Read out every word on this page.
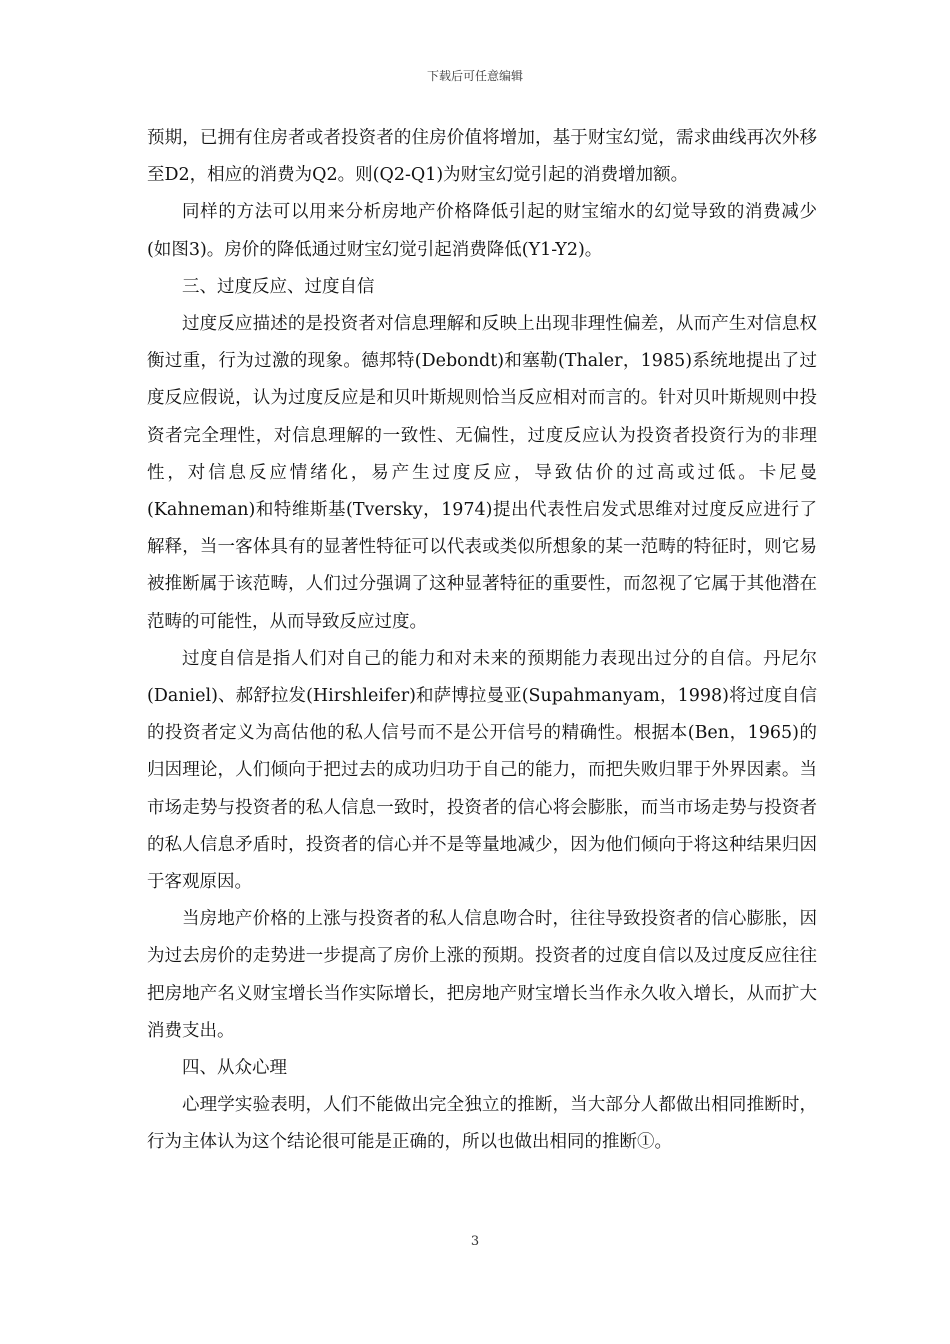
下载后可任意编辑

预期，已拥有住房者或者投资者的住房价值将增加，基于财宝幻觉，需求曲线再次外移至D2，相应的消费为Q2。则(Q2-Q1)为财宝幻觉引起的消费增加额。

同样的方法可以用来分析房地产价格降低引起的财宝缩水的幻觉导致的消费减少(如图3)。房价的降低通过财宝幻觉引起消费降低(Y1-Y2)。

三、过度反应、过度自信

过度反应描述的是投资者对信息理解和反映上出现非理性偏差，从而产生对信息权衡过重，行为过激的现象。德邦特(Debondt)和塞勒(Thaler，1985)系统地提出了过度反应假说，认为过度反应是和贝叶斯规则恰当反应相对而言的。针对贝叶斯规则中投资者完全理性，对信息理解的一致性、无偏性，过度反应认为投资者投资行为的非理性，对信息反应情绪化，易产生过度反应，导致估价的过高或过低。卡尼曼(Kahneman)和特维斯基(Tversky，1974)提出代表性启发式思维对过度反应进行了解释，当一客体具有的显著性特征可以代表或类似所想象的某一范畴的特征时，则它易被推断属于该范畴，人们过分强调了这种显著特征的重要性，而忽视了它属于其他潜在范畴的可能性，从而导致反应过度。

过度自信是指人们对自己的能力和对未来的预期能力表现出过分的自信。丹尼尔(Daniel)、郝舒拉发(Hirshleifer)和萨博拉曼亚(Supahmanyam，1998)将过度自信的投资者定义为高估他的私人信号而不是公开信号的精确性。根据本(Ben，1965)的归因理论，人们倾向于把过去的成功归功于自己的能力，而把失败归罪于外界因素。当市场走势与投资者的私人信息一致时，投资者的信心将会膨胀，而当市场走势与投资者的私人信息矛盾时，投资者的信心并不是等量地减少，因为他们倾向于将这种结果归因于客观原因。

当房地产价格的上涨与投资者的私人信息吻合时，往往导致投资者的信心膨胀，因为过去房价的走势进一步提高了房价上涨的预期。投资者的过度自信以及过度反应往往把房地产名义财宝增长当作实际增长，把房地产财宝增长当作永久收入增长，从而扩大消费支出。

四、从众心理

心理学实验表明，人们不能做出完全独立的推断，当大部分人都做出相同推断时，行为主体认为这个结论很可能是正确的，所以也做出相同的推断①。

3
